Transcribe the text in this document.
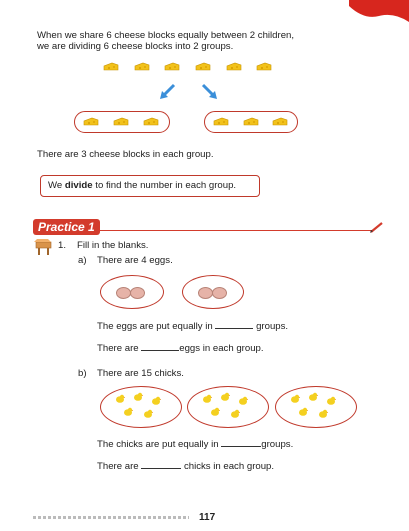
When we share 6 cheese blocks equally between 2 children,
we are dividing 6 cheese blocks into 2 groups.
There are 3 cheese blocks in each group.
We divide to find the number in each group.
Practice 1
1. Fill in the blanks.
a) There are 4 eggs.
The eggs are put equally in	groups.
There are	eggs in each group.
b) There are 15 chicks.
The chicks are put equally in	groups.
There are	chicks in each group.
117
